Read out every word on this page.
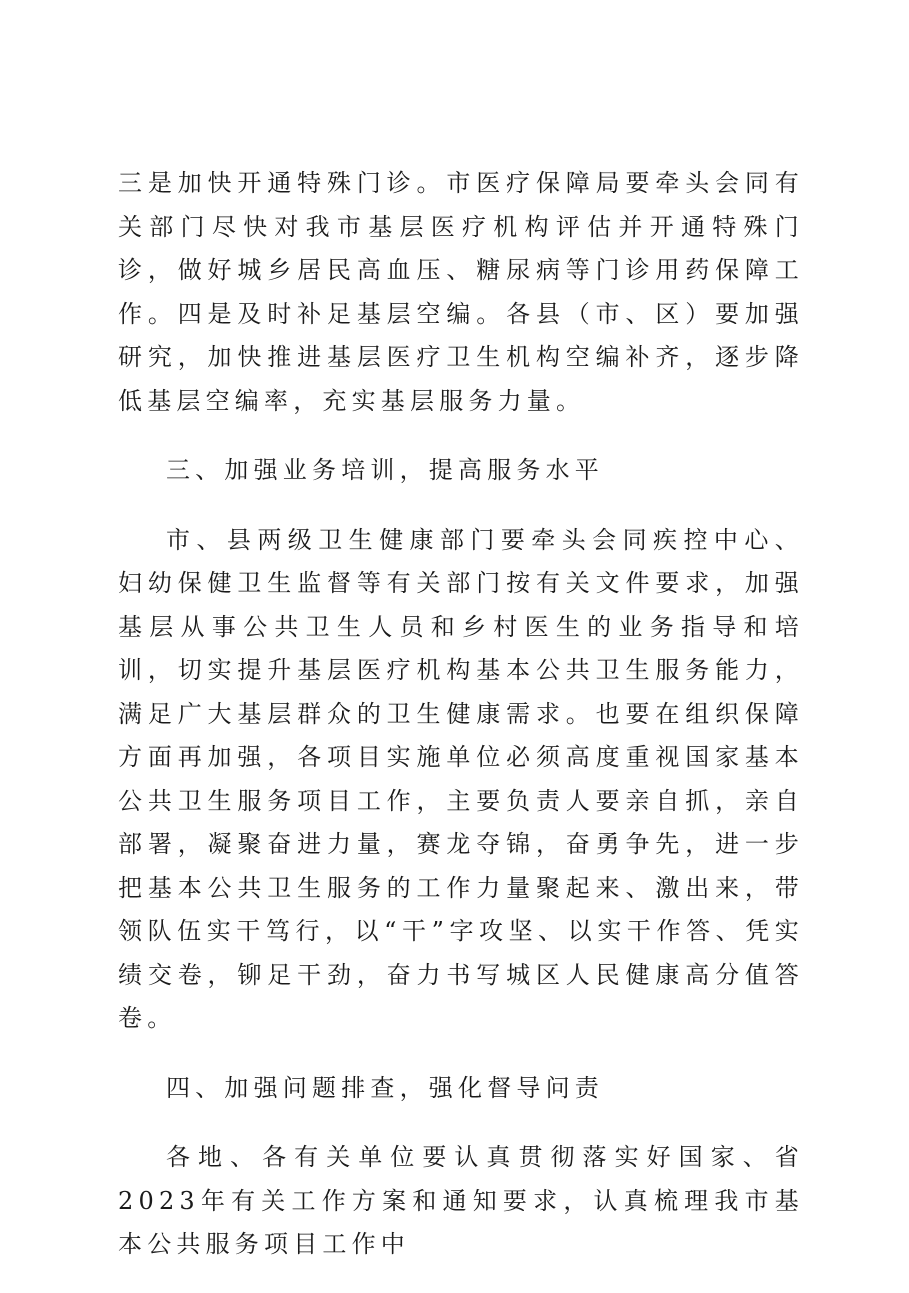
三是加快开通特殊门诊。市医疗保障局要牵头会同有关部门尽快对我市基层医疗机构评估并开通特殊门诊，做好城乡居民高血压、糖尿病等门诊用药保障工作。四是及时补足基层空编。各县（市、区）要加强研究，加快推进基层医疗卫生机构空编补齐，逐步降低基层空编率，充实基层服务力量。

三、加强业务培训，提高服务水平

市、县两级卫生健康部门要牵头会同疾控中心、妇幼保健卫生监督等有关部门按有关文件要求，加强基层从事公共卫生人员和乡村医生的业务指导和培训，切实提升基层医疗机构基本公共卫生服务能力，满足广大基层群众的卫生健康需求。也要在组织保障方面再加强，各项目实施单位必须高度重视国家基本公共卫生服务项目工作，主要负责人要亲自抓，亲自部署，凝聚奋进力量，赛龙夺锦，奋勇争先，进一步把基本公共卫生服务的工作力量聚起来、激出来，带领队伍实干笃行，以“干”字攻坚、以实干作答、凭实绩交卷，铆足干劲，奋力书写城区人民健康高分值答卷。

四、加强问题排查，强化督导问责

各地、各有关单位要认真贯彻落实好国家、省2023年有关工作方案和通知要求，认真梳理我市基本公共服务项目工作中
